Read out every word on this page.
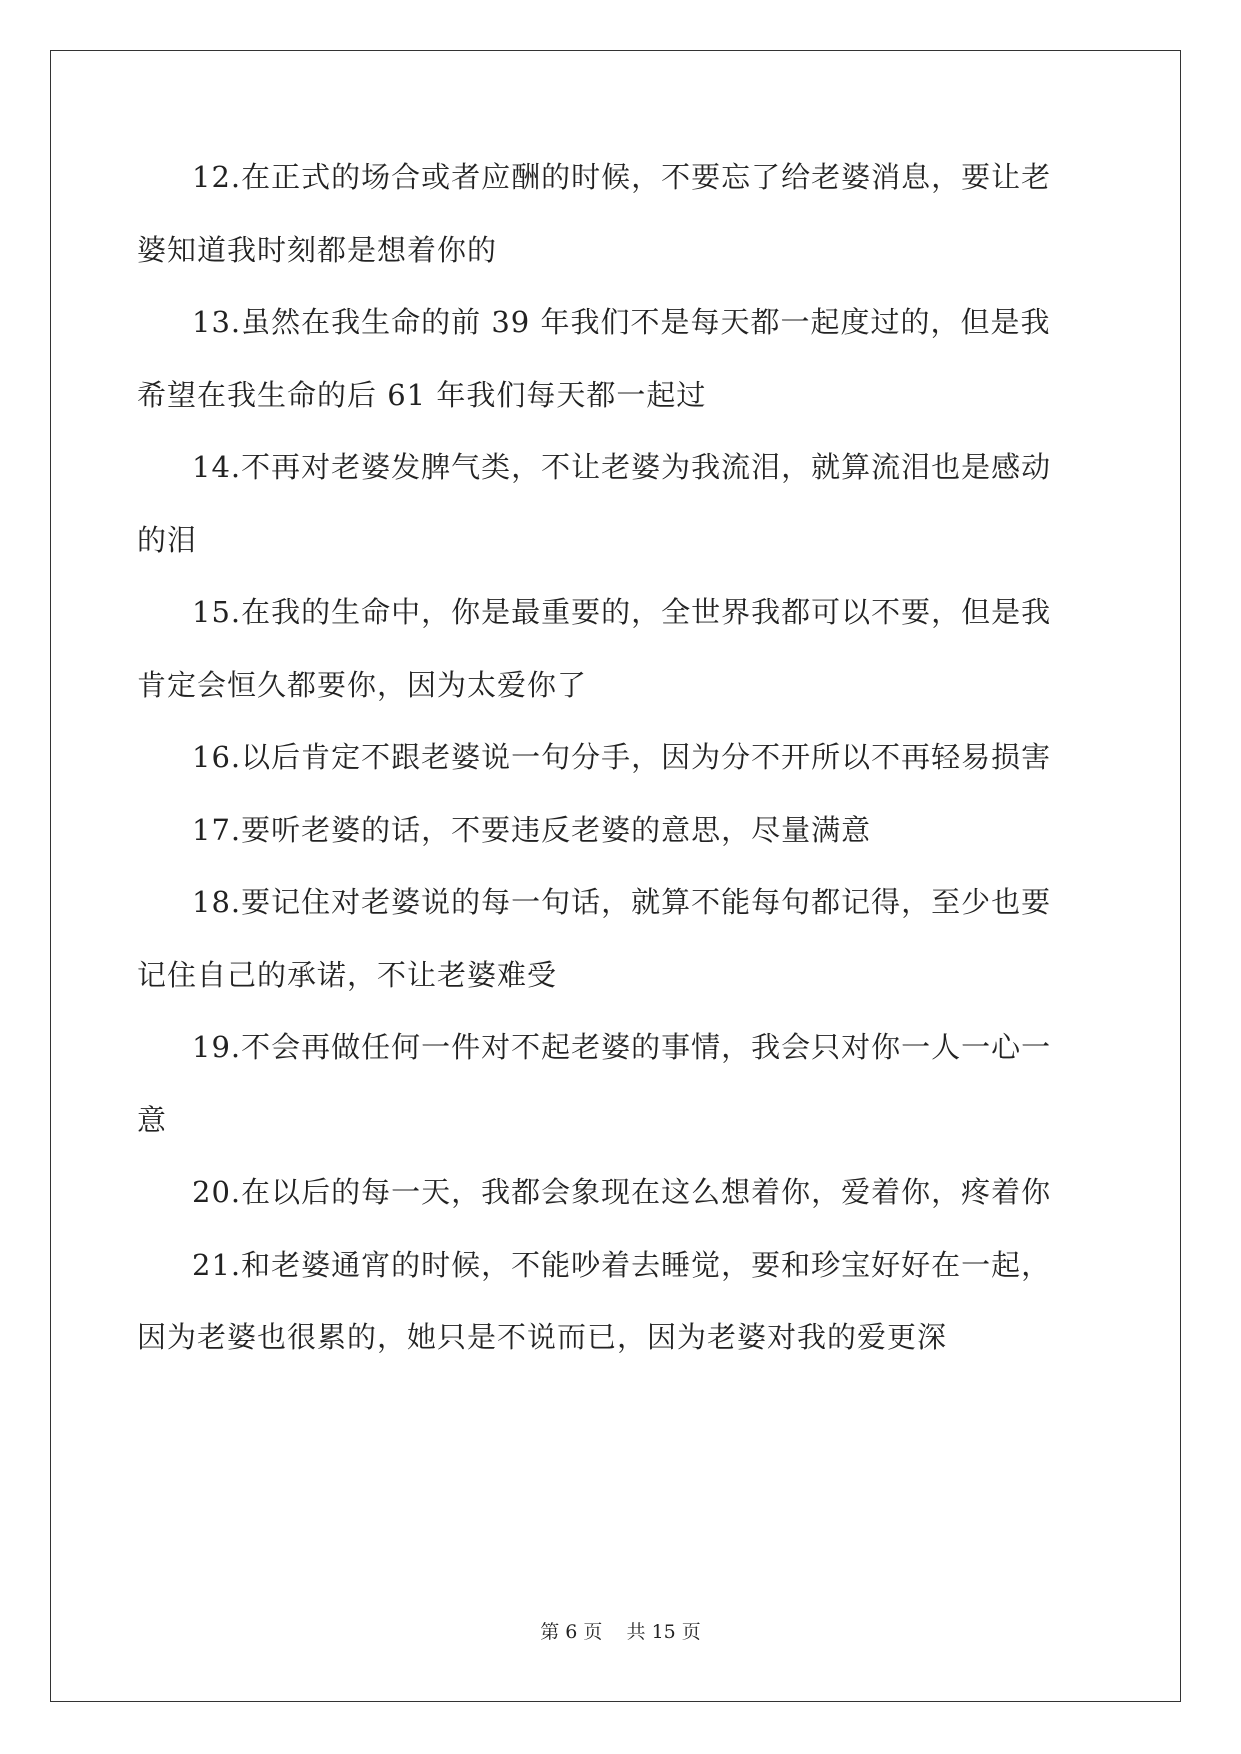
12.在正式的场合或者应酬的时候，不要忘了给老婆消息，要让老
婆知道我时刻都是想着你的
13.虽然在我生命的前 39 年我们不是每天都一起度过的，但是我
希望在我生命的后 61 年我们每天都一起过
14.不再对老婆发脾气类，不让老婆为我流泪，就算流泪也是感动
的泪
15.在我的生命中，你是最重要的，全世界我都可以不要，但是我
肯定会恒久都要你，因为太爱你了
16.以后肯定不跟老婆说一句分手，因为分不开所以不再轻易损害
17.要听老婆的话，不要违反老婆的意思，尽量满意
18.要记住对老婆说的每一句话，就算不能每句都记得，至少也要
记住自己的承诺，不让老婆难受
19.不会再做任何一件对不起老婆的事情，我会只对你一人一心一
意
20.在以后的每一天，我都会象现在这么想着你，爱着你，疼着你
21.和老婆通宵的时候，不能吵着去睡觉，要和珍宝好好在一起，
因为老婆也很累的，她只是不说而已，因为老婆对我的爱更深
第 6 页    共 15 页
